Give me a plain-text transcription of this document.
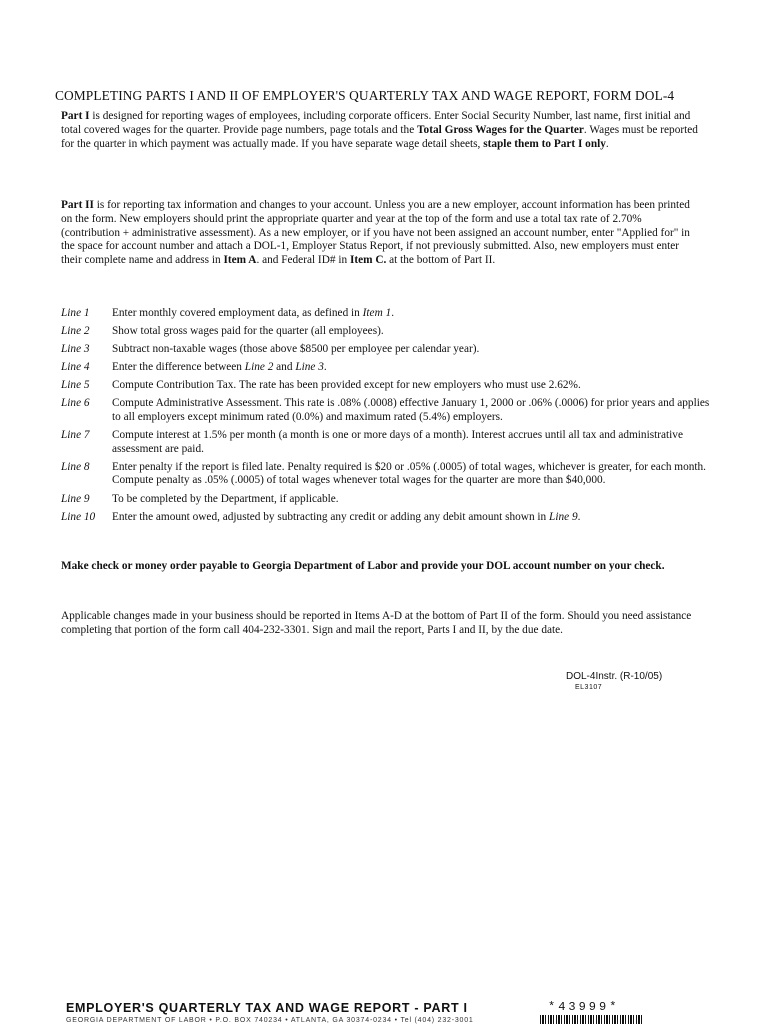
COMPLETING PARTS I AND II OF EMPLOYER'S QUARTERLY TAX AND WAGE REPORT, FORM DOL-4
Part I is designed for reporting wages of employees, including corporate officers. Enter Social Security Number, last name, first initial and total covered wages for the quarter. Provide page numbers, page totals and the Total Gross Wages for the Quarter. Wages must be reported for the quarter in which payment was actually made. If you have separate wage detail sheets, staple them to Part I only.
Part II is for reporting tax information and changes to your account. Unless you are a new employer, account information has been printed on the form. New employers should print the appropriate quarter and year at the top of the form and use a total tax rate of 2.70% (contribution + administrative assessment). As a new employer, or if you have not been assigned an account number, enter "Applied for" in the space for account number and attach a DOL-1, Employer Status Report, if not previously submitted. Also, new employers must enter their complete name and address in Item A. and Federal ID# in Item C. at the bottom of Part II.
Line 1	Enter monthly covered employment data, as defined in Item 1.
Line 2	Show total gross wages paid for the quarter (all employees).
Line 3	Subtract non-taxable wages (those above $8500 per employee per calendar year).
Line 4	Enter the difference between Line 2 and Line 3.
Line 5	Compute Contribution Tax. The rate has been provided except for new employers who must use 2.62%.
Line 6	Compute Administrative Assessment. This rate is .08% (.0008) effective January 1, 2000 or .06% (.0006) for prior years and applies to all employers except minimum rated (0.0%) and maximum rated (5.4%) employers.
Line 7	Compute interest at 1.5% per month (a month is one or more days of a month). Interest accrues until all tax and administrative assessment are paid.
Line 8	Enter penalty if the report is filed late. Penalty required is $20 or .05% (.0005) of total wages, whichever is greater, for each month. Compute penalty as .05% (.0005) of total wages whenever total wages for the quarter are more than $40,000.
Line 9	To be completed by the Department, if applicable.
Line 10	Enter the amount owed, adjusted by subtracting any credit or adding any debit amount shown in Line 9.
Make check or money order payable to Georgia Department of Labor and provide your DOL account number on your check.
Applicable changes made in your business should be reported in Items A-D at the bottom of Part II of the form. Should you need assistance completing that portion of the form call 404-232-3301. Sign and mail the report, Parts I and II, by the due date.
DOL-4Instr. (R-10/05)
EL3107
EMPLOYER'S QUARTERLY TAX AND WAGE REPORT - PART I
GEORGIA DEPARTMENT OF LABOR • P.O. BOX 740234 • ATLANTA, GA 30374-0234 • Tel (404) 232-3001
*43999*
